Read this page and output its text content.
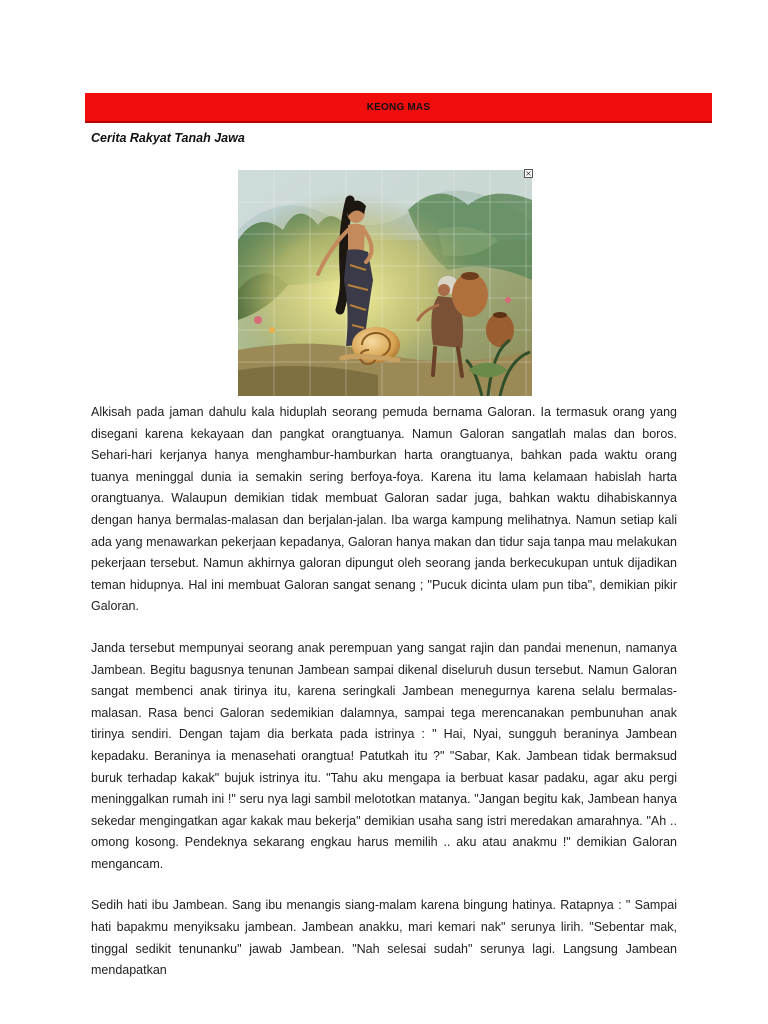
KEONG MAS
Cerita Rakyat Tanah Jawa
×

Alkisah pada jaman dahulu kala hiduplah seorang pemuda bernama Galoran. Ia termasuk orang yang disegani karena kekayaan dan pangkat orangtuanya. Namun Galoran sangatlah malas dan boros. Sehari-hari kerjanya hanya menghambur-hamburkan harta orangtuanya, bahkan pada waktu orang tuanya meninggal dunia ia semakin sering berfoya-foya. Karena itu lama kelamaan habislah harta orangtuanya. Walaupun demikian tidak membuat Galoran sadar juga, bahkan waktu dihabiskannya dengan hanya bermalas-malasan dan berjalan-jalan. Iba warga kampung melihatnya. Namun setiap kali ada yang menawarkan pekerjaan kepadanya, Galoran hanya makan dan tidur saja tanpa mau melakukan pekerjaan tersebut. Namun akhirnya galoran dipungut oleh seorang janda berkecukupan untuk dijadikan teman hidupnya. Hal ini membuat Galoran sangat senang ; "Pucuk dicinta ulam pun tiba", demikian pikir Galoran.

Janda tersebut mempunyai seorang anak perempuan yang sangat rajin dan pandai menenun, namanya Jambean. Begitu bagusnya tenunan Jambean sampai dikenal diseluruh dusun tersebut. Namun Galoran sangat membenci anak tirinya itu, karena seringkali Jambean menegurnya karena selalu bermalas-malasan. Rasa benci Galoran sedemikian dalamnya, sampai tega merencanakan pembunuhan anak tirinya sendiri. Dengan tajam dia berkata pada istrinya : " Hai, Nyai, sungguh beraninya Jambean kepadaku. Beraninya ia menasehati orangtua! Patutkah itu ?" "Sabar, Kak. Jambean tidak bermaksud buruk terhadap kakak" bujuk istrinya itu. "Tahu aku mengapa ia berbuat kasar padaku, agar aku pergi meninggalkan rumah ini !" seru nya lagi sambil melototkan matanya. "Jangan begitu kak, Jambean hanya sekedar mengingatkan agar kakak mau bekerja" demikian usaha sang istri meredakan amarahnya. "Ah .. omong kosong. Pendeknya sekarang engkau harus memilih .. aku atau anakmu !" demikian Galoran mengancam.

Sedih hati ibu Jambean. Sang ibu menangis siang-malam karena bingung hatinya. Ratapnya : " Sampai hati bapakmu menyiksaku jambean. Jambean anakku, mari kemari nak" serunya lirih. "Sebentar mak, tinggal sedikit tenunanku" jawab Jambean. "Nah selesai sudah" serunya lagi. Langsung Jambean mendapatkan
